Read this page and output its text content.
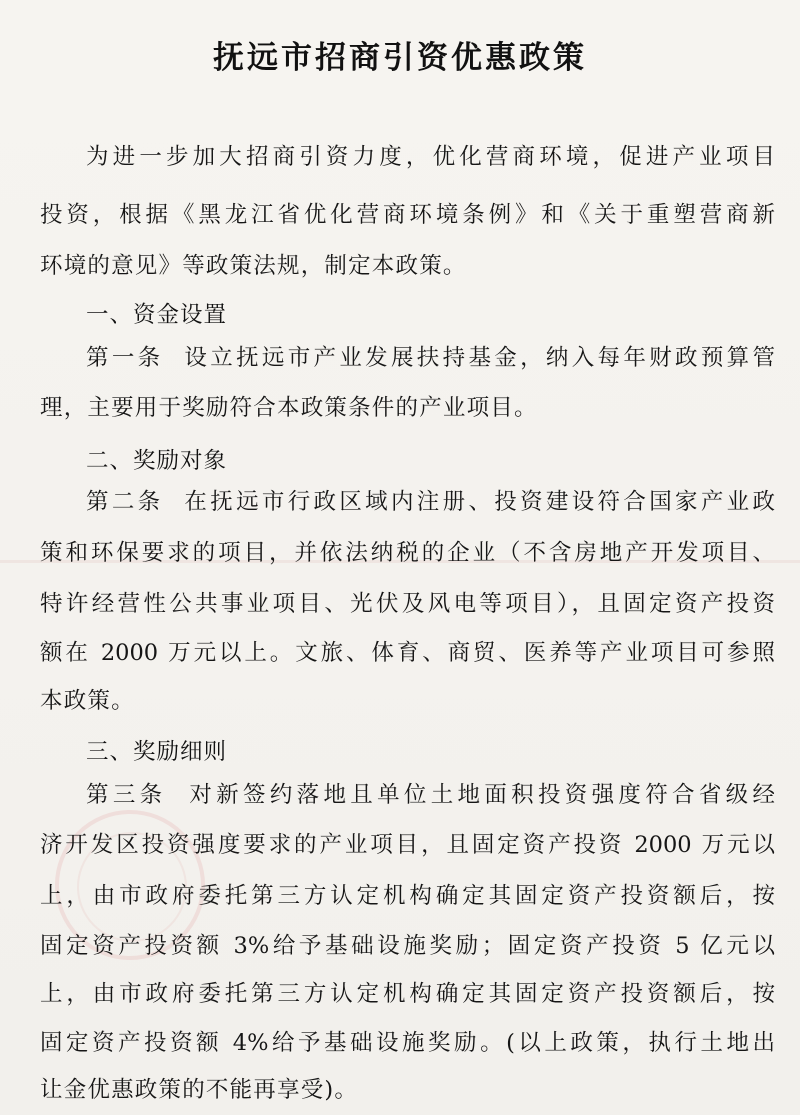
抚远市招商引资优惠政策
为进一步加大招商引资力度，优化营商环境，促进产业项目
投资，根据《黑龙江省优化营商环境条例》和《关于重塑营商新
环境的意见》等政策法规，制定本政策。
一、资金设置
第一条 设立抚远市产业发展扶持基金，纳入每年财政预算管
理，主要用于奖励符合本政策条件的产业项目。
二、奖励对象
第二条 在抚远市行政区域内注册、投资建设符合国家产业政
策和环保要求的项目，并依法纳税的企业（不含房地产开发项目、
特许经营性公共事业项目、光伏及风电等项目），且固定资产投资
额在 2000 万元以上。文旅、体育、商贸、医养等产业项目可参照
本政策。
三、奖励细则
第三条 对新签约落地且单位土地面积投资强度符合省级经
济开发区投资强度要求的产业项目，且固定资产投资 2000 万元以
上，由市政府委托第三方认定机构确定其固定资产投资额后，按
固定资产投资额 3%给予基础设施奖励；固定资产投资 5 亿元以
上，由市政府委托第三方认定机构确定其固定资产投资额后，按
固定资产投资额 4%给予基础设施奖励。(以上政策，执行土地出
让金优惠政策的不能再享受)。
